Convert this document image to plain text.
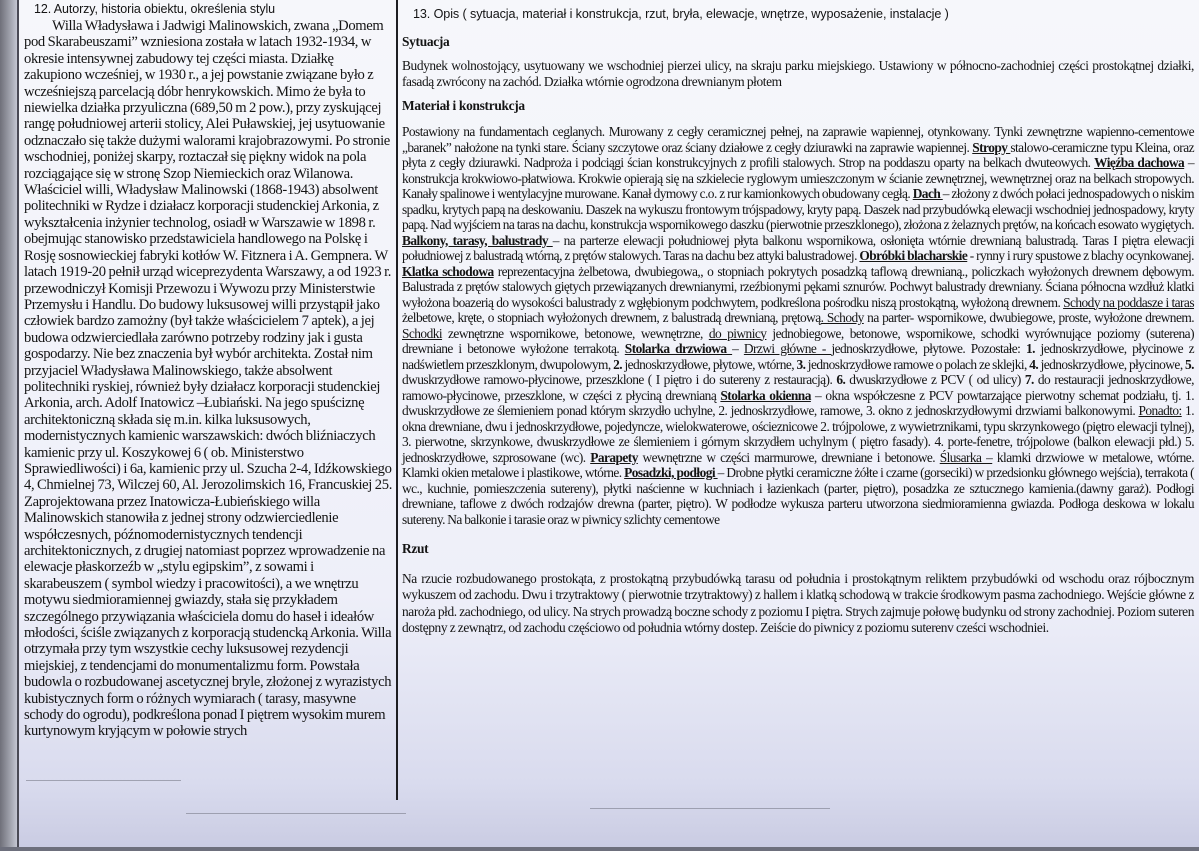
12. Autorzy, historia obiektu, określenia stylu

Willa Władysława i Jadwigi Malinowskich, zwana „Domem pod Skarabeuszami” wzniesiona została w latach 1932-1934, w okresie intensywnej zabudowy tej części miasta. Działkę zakupiono wcześniej, w 1930 r., a jej powstanie związane było z wcześniejszą parcelacją dóbr henrykowskich. Mimo że była to niewielka działka przyuliczna (689,50 m 2 pow.), przy zyskującej rangę południowej arterii stolicy, Alei Puławskiej, jej usytuowanie odznaczało się także dużymi walorami krajobrazowymi. Po stronie wschodniej, poniżej skarpy, roztaczał się piękny widok na pola rozciągające się w stronę Szop Niemieckich oraz Wilanowa. Właściciel willi, Władysław Malinowski (1868-1943) absolwent politechniki w Rydze i działacz korporacji studenckiej Arkonia, z wykształcenia inżynier technolog, osiadł w Warszawie w 1898 r. obejmując stanowisko przedstawiciela handlowego na Polskę i Rosję sosnowieckiej fabryki kotłów W. Fitznera i A. Gempnera. W latach 1919-20 pełnił urząd wiceprezydenta Warszawy, a od 1923 r. przewodniczył Komisji Przewozu i Wywozu przy Ministerstwie Przemysłu i Handlu. Do budowy luksusowej willi przystąpił jako człowiek bardzo zamożny (był także właścicielem 7 aptek), a jej budowa odzwierciedlała zarówno potrzeby rodziny jak i gusta gospodarzy. Nie bez znaczenia był wybór architekta. Został nim przyjaciel Władysława Malinowskiego, także absolwent politechniki ryskiej, również były działacz korporacji studenckiej Arkonia, arch. Adolf Inatowicz –Łubiański. Na jego spuściznę architektoniczną składa się m.in. kilka luksusowych, modernistycznych kamienic warszawskich: dwóch bliźniaczych kamienic przy ul. Koszykowej 6 ( ob. Ministerstwo Sprawiedliwości) i 6a, kamienic przy ul. Szucha 2-4, Idźkowskiego 4, Chmielnej 73, Wilczej 60, Al. Jerozolimskich 16, Francuskiej 25. Zaprojektowana przez Inatowicza-Łubieńskiego willa Malinowskich stanowiła z jednej strony odzwierciedlenie współczesnych, późnomodernistycznych tendencji architektonicznych, z drugiej natomiast poprzez wprowadzenie na elewacje płaskorzeźb w „stylu egipskim”, z sowami i skarabeuszem ( symbol wiedzy i pracowitości), a we wnętrzu motywu siedmioramiennej gwiazdy, stała się przykładem szczególnego przywiązania właściciela domu do haseł i ideałów młodości, ściśle związanych z korporacją studencką Arkonia. Willa otrzymała przy tym wszystkie cechy luksusowej rezydencji miejskiej, z tendencjami do monumentalizmu form. Powstała budowla o rozbudowanej ascetycznej bryle, złożonej z wyrazistych kubistycznych form o różnych wymiarach ( tarasy, masywne schody do ogrodu), podkreślona ponad I piętrem wysokim murem kurtynowym kryjącym w połowie strych

13. Opis ( sytuacja, materiał i konstrukcja, rzut, bryła, elewacje, wnętrze, wyposażenie, instalacje )
Sytuacja

Budynek wolnostojący, usytuowany we wschodniej pierzei ulicy, na skraju parku miejskiego. Ustawiony w północno-zachodniej części prostokątnej działki, fasadą zwrócony na zachód. Działka wtórnie ogrodzona drewnianym płotem

Materiał i konstrukcja

Postawiony na fundamentach ceglanych. Murowany z cegły ceramicznej pełnej, na zaprawie wapiennej, otynkowany. Tynki zewnętrzne wapienno-cementowe „baranek” nałożone na tynki stare. Ściany szczytowe oraz ściany działowe z cegły dziurawki na zaprawie wapiennej. Stropy stalowo-ceramiczne typu Kleina, oraz płyta z cegły dziurawki. Nadproża i podciągi ścian konstrukcyjnych z profili stalowych. Strop na poddaszu oparty na belkach dwuteowych. Więźba dachowa – konstrukcja krokwiowo-płatwiowa. Krokwie opierają się na szkielecie ryglowym umieszczonym w ścianie zewnętrznej, wewnętrznej oraz na belkach stropowych. Kanały spalinowe i wentylacyjne murowane. Kanał dymowy c.o. z rur kamionkowych obudowany cegłą. Dach – złożony z dwóch połaci jednospadowych o niskim spadku, krytych papą na deskowaniu. Daszek na wykuszu frontowym trójspadowy, kryty papą. Daszek nad przybudówką elewacji wschodniej jednospadowy, kryty papą. Nad wyjściem na taras na dachu, konstrukcja wspornikowego daszku (pierwotnie przeszklonego), złożona z żelaznych prętów, na końcach esowato wygiętych. Balkony, tarasy, balustrady – na parterze elewacji południowej płyta balkonu wspornikowa, osłonięta wtórnie drewnianą balustradą. Taras I piętra elewacji południowej z balustradą wtórną, z prętów stalowych. Taras na dachu bez attyki balustradowej. Obróbki blacharskie - rynny i rury spustowe z blachy ocynkowanej. Klatka schodowa reprezentacyjna żelbetowa, dwubiegowa,, o stopniach pokrytych posadzką taflową drewnianą., policzkach wyłożonych drewnem dębowym. Balustrada z prętów stalowych giętych przewiązanych drewnianymi, rzeźbionymi pękami sznurów. Pochwyt balustrady drewniany. Ściana północna wzdłuż klatki wyłożona boazerią do wysokości balustrady z wgłębionym podchwytem, podkreślona pośrodku niszą prostokątną, wyłożoną drewnem. Schody na poddasze i taras żelbetowe, kręte, o stopniach wyłożonych drewnem, z balustradą drewnianą, prętową. Schody na parter- wspornikowe, dwubiegowe, proste, wyłożone drewnem. Schodki zewnętrzne wspornikowe, betonowe, wewnętrzne, do piwnicy jednobiegowe, betonowe, wspornikowe, schodki wyrównujące poziomy (suterena) drewniane i betonowe wyłożone terrakotą. Stolarka drzwiowa – Drzwi główne - jednoskrzydłowe, płytowe. Pozostałe: 1. jednoskrzydłowe, płycinowe z nadświetlem przeszklonym, dwupolowym, 2. jednoskrzydłowe, płytowe, wtórne, 3. jednoskrzydłowe ramowe o polach ze sklejki, 4. jednoskrzydłowe, płycinowe, 5. dwuskrzydłowe ramowo-płycinowe, przeszklone ( I piętro i do sutereny z restauracją). 6. dwuskrzydłowe z PCV ( od ulicy) 7. do restauracji jednoskrzydłowe, ramowo-płycinowe, przeszklone, w części z płyciną drewnianą Stolarka okienna – okna współczesne z PCV powtarzające pierwotny schemat podziału, tj. 1. dwuskrzydłowe ze ślemieniem ponad którym skrzydło uchylne, 2. jednoskrzydłowe, ramowe, 3. okno z jednoskrzydłowymi drzwiami balkonowymi. Ponadto: 1. okna drewniane, dwu i jednoskrzydłowe, pojedyncze, wielokwaterowe, ościeznicowe 2. trójpolowe, z wywietrznikami, typu skrzynkowego (piętro elewacji tylnej), 3. pierwotne, skrzynkowe, dwuskrzydłowe ze ślemieniem i górnym skrzydłem uchylnym ( piętro fasady). 4. porte-fenetre, trójpolowe (balkon elewacji płd.) 5. jednoskrzydłowe, szprosowane (wc). Parapety wewnętrzne w części marmurowe, drewniane i betonowe. Ślusarka – klamki drzwiowe w metalowe, wtórne. Klamki okien metalowe i plastikowe, wtórne. Posadzki, podłogi – Drobne płytki ceramiczne żółte i czarne (gorseciki) w przedsionku głównego wejścia), terrakota ( wc., kuchnie, pomieszczenia sutereny), płytki naścienne w kuchniach i łazienkach (parter, piętro), posadzka ze sztucznego kamienia.(dawny garaż). Podłogi drewniane, taflowe z dwóch rodzajów drewna (parter, piętro). W podłodze wykusza parteru utworzona siedmioramienna gwiazda. Podłoga deskowa w lokalu sutereny. Na balkonie i tarasie oraz w piwnicy szlichty cementowe

Rzut

Na rzucie rozbudowanego prostokąta, z prostokątną przybudówką tarasu od południa i prostokątnym reliktem przybudówki od wschodu oraz rójbocznym wykuszem od zachodu. Dwu i trzytraktowy ( pierwotnie trzytraktowy) z hallem i klatką schodową w trakcie środkowym pasma zachodniego. Wejście główne z naroża płd. zachodniego, od ulicy. Na strych prowadzą boczne schody z poziomu I piętra. Strych zajmuje połowę budynku od strony zachodniej. Poziom suteren dostępny z zewnątrz, od zachodu częściowo od południa wtórny dostep. Zeiście do piwnicy z poziomu suterenv cześci wschodniei.
